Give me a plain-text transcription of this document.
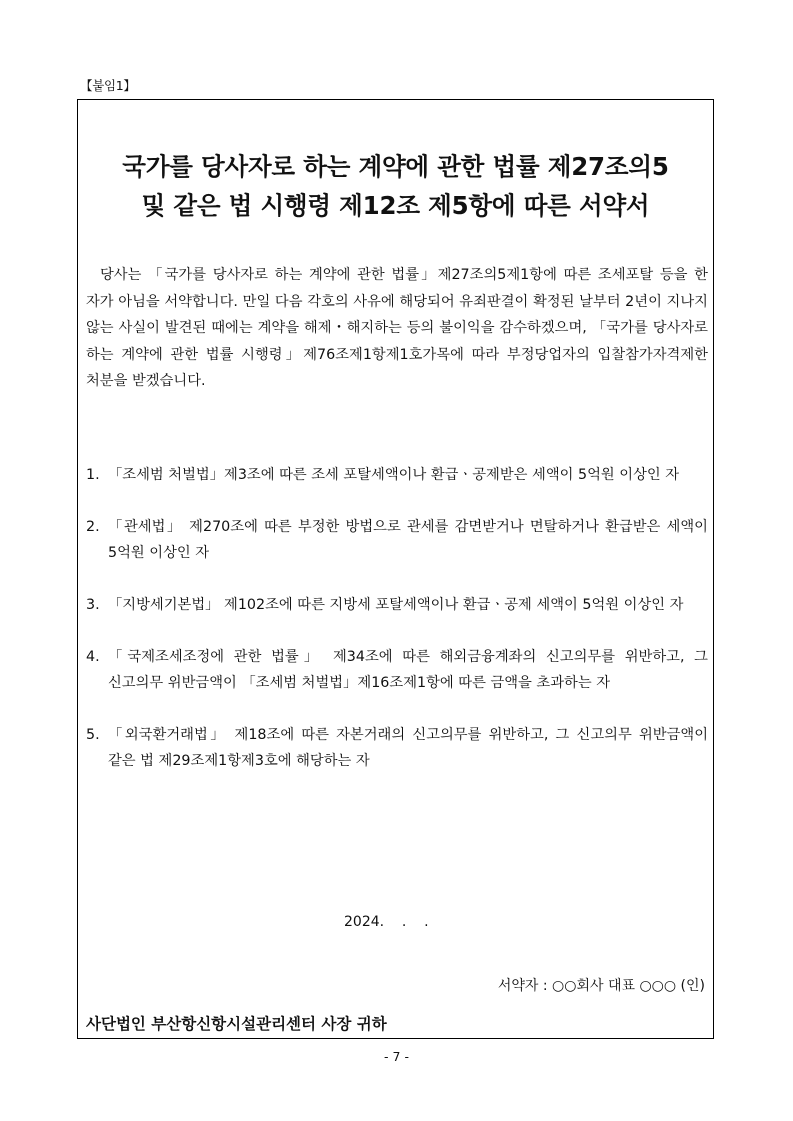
【붙임1】
국가를 당사자로 하는 계약에 관한 법률 제27조의5
및 같은 법 시행령 제12조 제5항에 따른 서약서

당사는 「국가를 당사자로 하는 계약에 관한 법률」제27조의5제1항에 따른 조세포탈 등을 한 자가 아님을 서약합니다. 만일 다음 각호의 사유에 해당되어 유죄판결이 확정된 날부터 2년이 지나지 않는 사실이 발견된 때에는 계약을 해제・해지하는 등의 불이익을 감수하겠으며, 「국가를 당사자로 하는 계약에 관한 법률 시행령」제76조제1항제1호가목에 따라 부정당업자의 입찰참가자격제한 처분을 받겠습니다.

1. 「조세범 처벌법」제3조에 따른 조세 포탈세액이나 환급ㆍ공제받은 세액이 5억원 이상인 자
2. 「관세법」 제270조에 따른 부정한 방법으로 관세를 감면받거나 면탈하거나 환급받은 세액이 5억원 이상인 자
3. 「지방세기본법」 제102조에 따른 지방세 포탈세액이나 환급ㆍ공제 세액이 5억원 이상인 자
4. 「국제조세조정에 관한 법률」 제34조에 따른 해외금융계좌의 신고의무를 위반하고, 그 신고의무 위반금액이 「조세범 처벌법」제16조제1항에 따른 금액을 초과하는 자
5. 「외국환거래법」 제18조에 따른 자본거래의 신고의무를 위반하고, 그 신고의무 위반금액이 같은 법 제29조제1항제3호에 해당하는 자
2024.    .    .
서약자 : ○○회사 대표 ○○○ (인)
사단법인 부산항신항시설관리센터 사장 귀하
- 7 -
